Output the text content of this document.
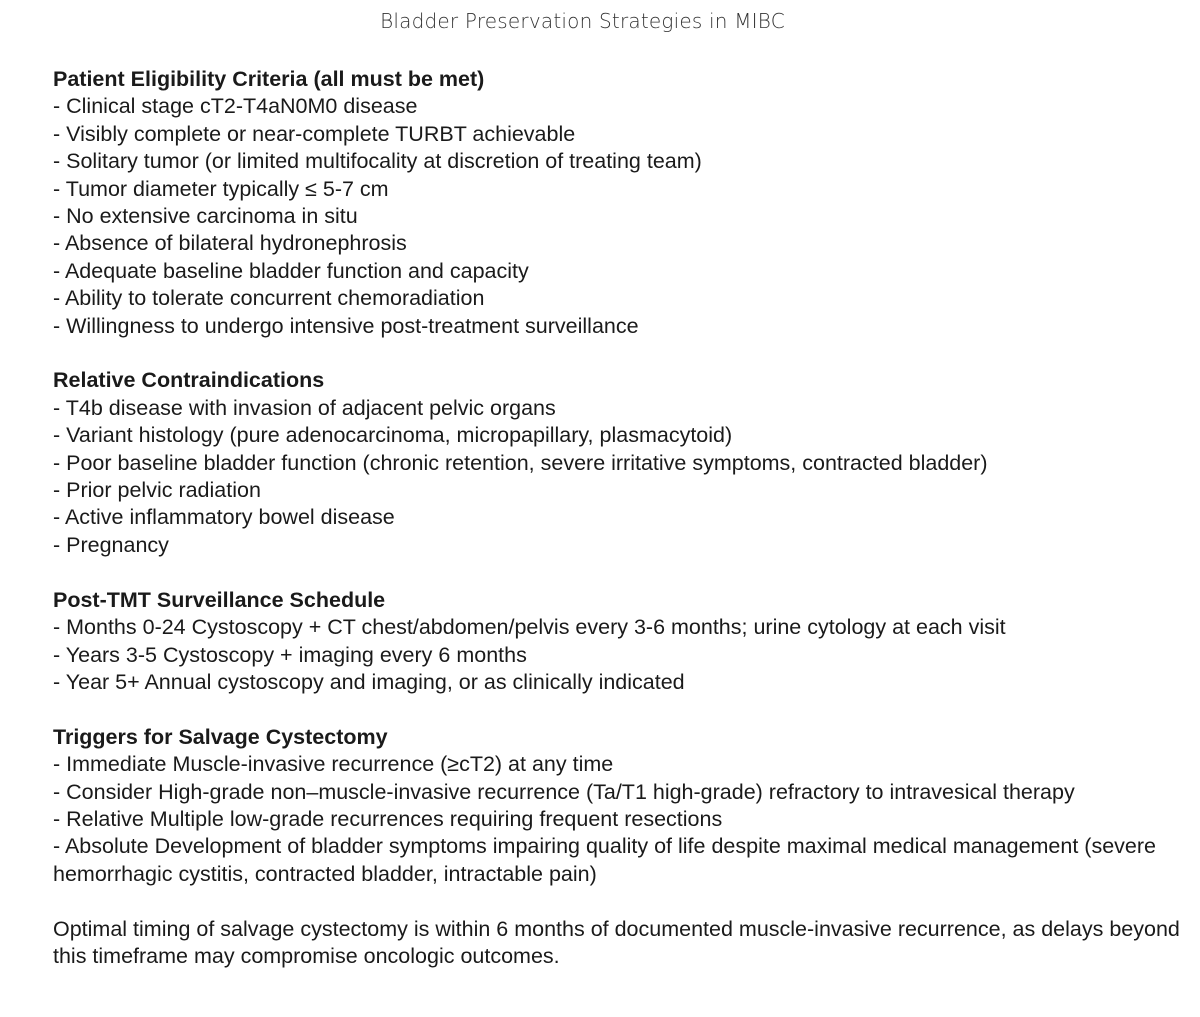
Bladder Preservation Strategies in MIBC
Patient Eligibility Criteria (all must be met)
- Clinical stage cT2-T4aN0M0 disease
- Visibly complete or near-complete TURBT achievable
- Solitary tumor (or limited multifocality at discretion of treating team)
- Tumor diameter typically ≤ 5-7 cm
- No extensive carcinoma in situ
- Absence of bilateral hydronephrosis
- Adequate baseline bladder function and capacity
- Ability to tolerate concurrent chemoradiation
- Willingness to undergo intensive post-treatment surveillance
Relative Contraindications
- T4b disease with invasion of adjacent pelvic organs
- Variant histology (pure adenocarcinoma, micropapillary, plasmacytoid)
- Poor baseline bladder function (chronic retention, severe irritative symptoms, contracted bladder)
- Prior pelvic radiation
- Active inflammatory bowel disease
- Pregnancy
Post-TMT Surveillance Schedule
- Months 0-24 Cystoscopy + CT chest/abdomen/pelvis every 3-6 months; urine cytology at each visit
- Years 3-5 Cystoscopy + imaging every 6 months
- Year 5+ Annual cystoscopy and imaging, or as clinically indicated
Triggers for Salvage Cystectomy
- Immediate Muscle-invasive recurrence (≥cT2) at any time
- Consider High-grade non–muscle-invasive recurrence (Ta/T1 high-grade) refractory to intravesical therapy
- Relative Multiple low-grade recurrences requiring frequent resections
- Absolute Development of bladder symptoms impairing quality of life despite maximal medical management (severe hemorrhagic cystitis, contracted bladder, intractable pain)
Optimal timing of salvage cystectomy is within 6 months of documented muscle-invasive recurrence, as delays beyond this timeframe may compromise oncologic outcomes.
